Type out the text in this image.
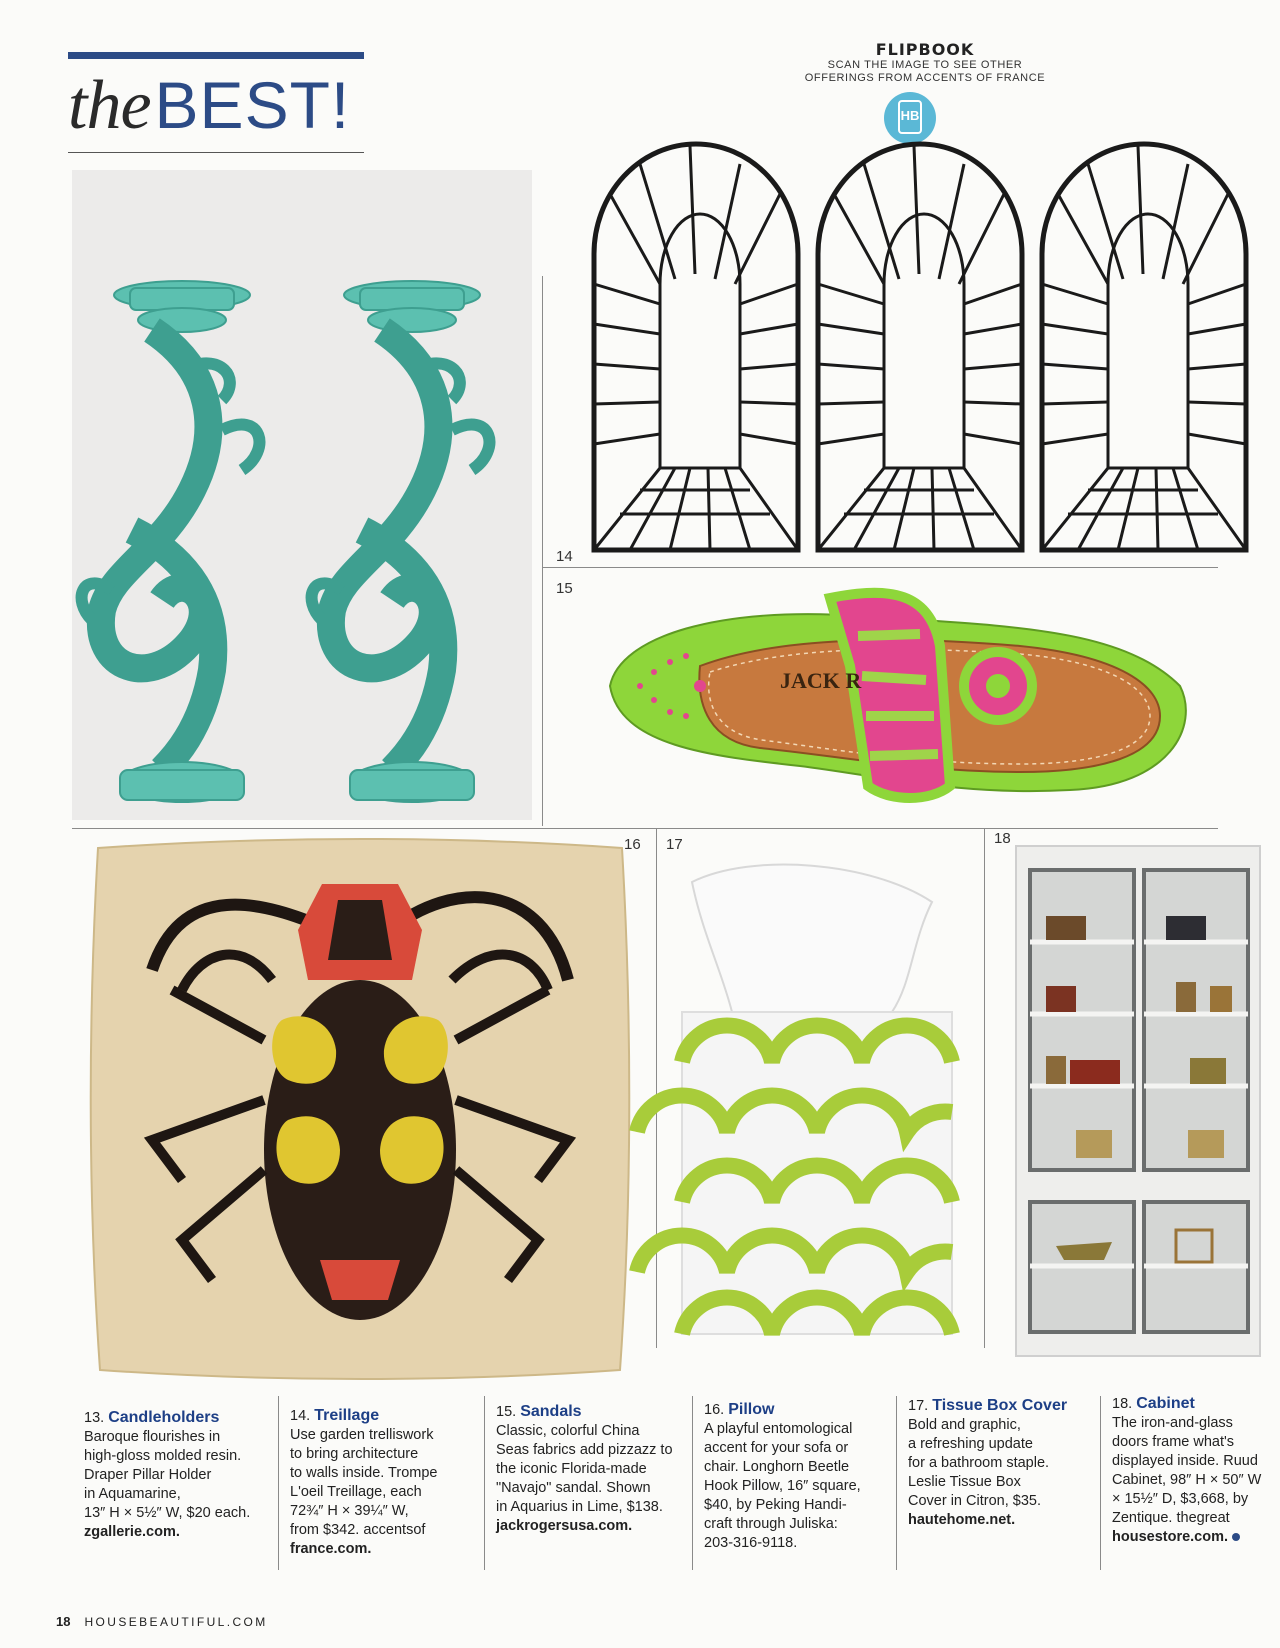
theBEST!
FLIPBOOK
SCAN THE IMAGE TO SEE OTHER
OFFERINGS FROM ACCENTS OF FRANCE
HB
14
15
16 17	18
JACK R
13. Candleholders
Baroque flourishes in
high-gloss molded resin.
Draper Pillar Holder
in Aquamarine,
13″ H × 5½″ W, $20 each.
zgallerie.com.
14. Treillage
Use garden trelliswork
to bring architecture
to walls inside. Trompe
L'oeil Treillage, each
72¾″ H × 39¼″ W,
from $342. accentsof
france.com.
15. Sandals
Classic, colorful China
Seas fabrics add pizzazz to
the iconic Florida-made
"Navajo" sandal. Shown
in Aquarius in Lime, $138.
jackrogersusa.com.
16. Pillow
A playful entomological
accent for your sofa or
chair. Longhorn Beetle
Hook Pillow, 16″ square,
$40, by Peking Handi-
craft through Juliska:
203-316-9118.
17. Tissue Box Cover
Bold and graphic,
a refreshing update
for a bathroom staple.
Leslie Tissue Box
Cover in Citron, $35.
hautehome.net.
18. Cabinet
The iron-and-glass
doors frame what's
displayed inside. Ruud
Cabinet, 98″ H × 50″ W
× 15½″ D, $3,668, by
Zentique. thegreat
housestore.com.
18 HOUSEBEAUTIFUL.COM
